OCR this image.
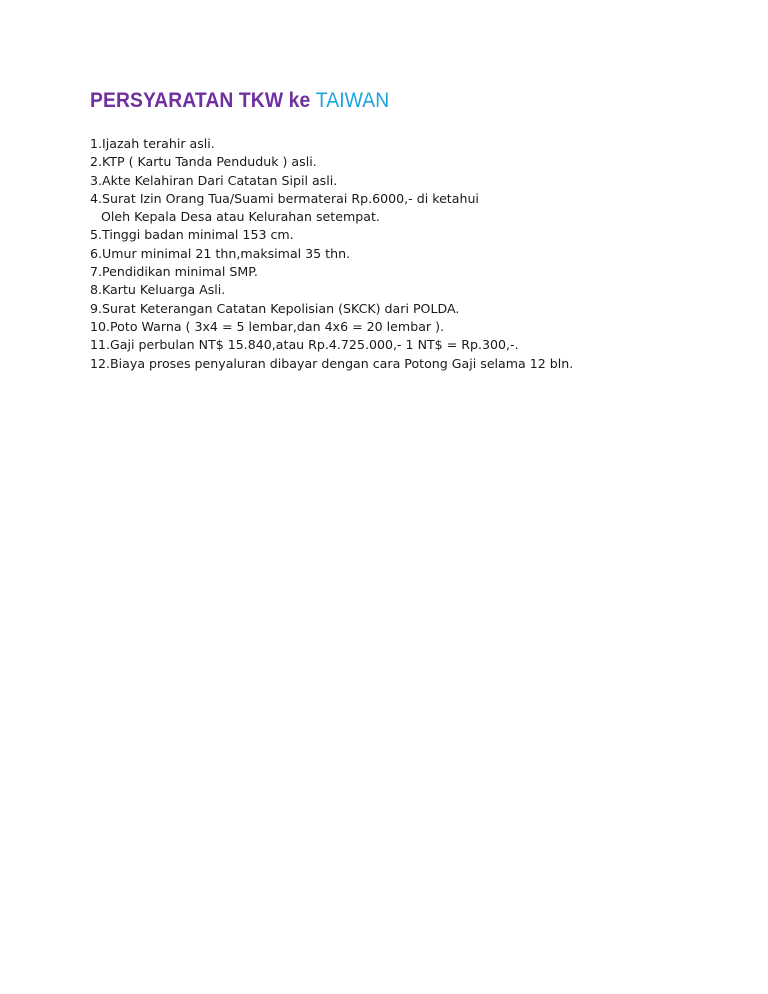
PERSYARATAN TKW ke TAIWAN
1.Ijazah terahir asli.
2.KTP ( Kartu Tanda Penduduk ) asli.
3.Akte Kelahiran Dari Catatan Sipil asli.
4.Surat Izin Orang Tua/Suami bermaterai Rp.6000,- di ketahui
Oleh Kepala Desa atau Kelurahan setempat.
5.Tinggi badan minimal 153 cm.
6.Umur minimal 21 thn,maksimal 35 thn.
7.Pendidikan minimal SMP.
8.Kartu Keluarga Asli.
9.Surat Keterangan Catatan Kepolisian (SKCK) dari POLDA.
10.Poto Warna ( 3x4 = 5 lembar,dan 4x6 = 20 lembar ).
11.Gaji perbulan NT$ 15.840,atau Rp.4.725.000,- 1 NT$ = Rp.300,-.
12.Biaya proses penyaluran dibayar dengan cara Potong Gaji selama 12 bln.
